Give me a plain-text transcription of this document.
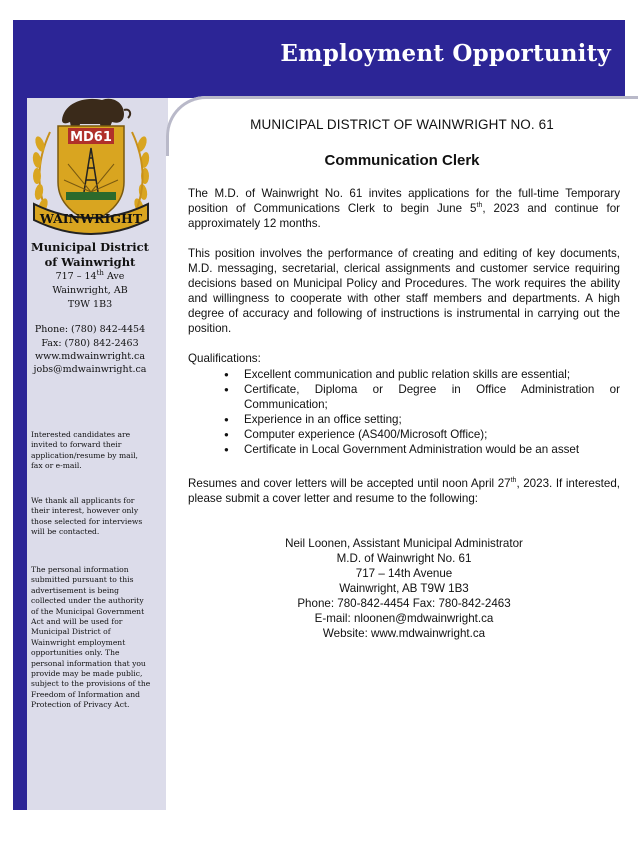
Employment Opportunity
MD61
WAINWRIGHT
Municipal District
of Wainwright
717 – 14th Ave
Wainwright, AB
T9W 1B3
Phone: (780) 842-4454
Fax: (780) 842-2463
www.mdwainwright.ca
jobs@mdwainwright.ca
Interested candidates are invited to forward their application/resume by mail, fax or e-mail.
We thank all applicants for their interest, however only those selected for interviews will be contacted.
The personal information submitted pursuant to this advertisement is being collected under the authority of the Municipal Government Act and will be used for Municipal District of Wainwright employment opportunities only. The personal information that you provide may be made public, subject to the provisions of the Freedom of Information and Protection of Privacy Act.
MUNICIPAL DISTRICT OF WAINWRIGHT NO. 61
Communication Clerk
The M.D. of Wainwright No. 61 invites applications for the full-time Temporary position of Communications Clerk to begin June 5th, 2023 and continue for approximately 12 months.
This position involves the performance of creating and editing of key documents, M.D. messaging, secretarial, clerical assignments and customer service requiring decisions based on Municipal Policy and Procedures. The work requires the ability and willingness to cooperate with other staff members and departments. A high degree of accuracy and following of instructions is instrumental in carrying out the position.
Qualifications:
● Excellent communication and public relation skills are essential;
● Certificate, Diploma or Degree in Office Administration or Communication;
● Experience in an office setting;
● Computer experience (AS400/Microsoft Office);
● Certificate in Local Government Administration would be an asset
Resumes and cover letters will be accepted until noon April 27th, 2023. If interested, please submit a cover letter and resume to the following:
Neil Loonen, Assistant Municipal Administrator
M.D. of Wainwright No. 61
717 – 14th Avenue
Wainwright, AB T9W 1B3
Phone: 780-842-4454 Fax: 780-842-2463
E-mail: nloonen@mdwainwright.ca
Website: www.mdwainwright.ca
